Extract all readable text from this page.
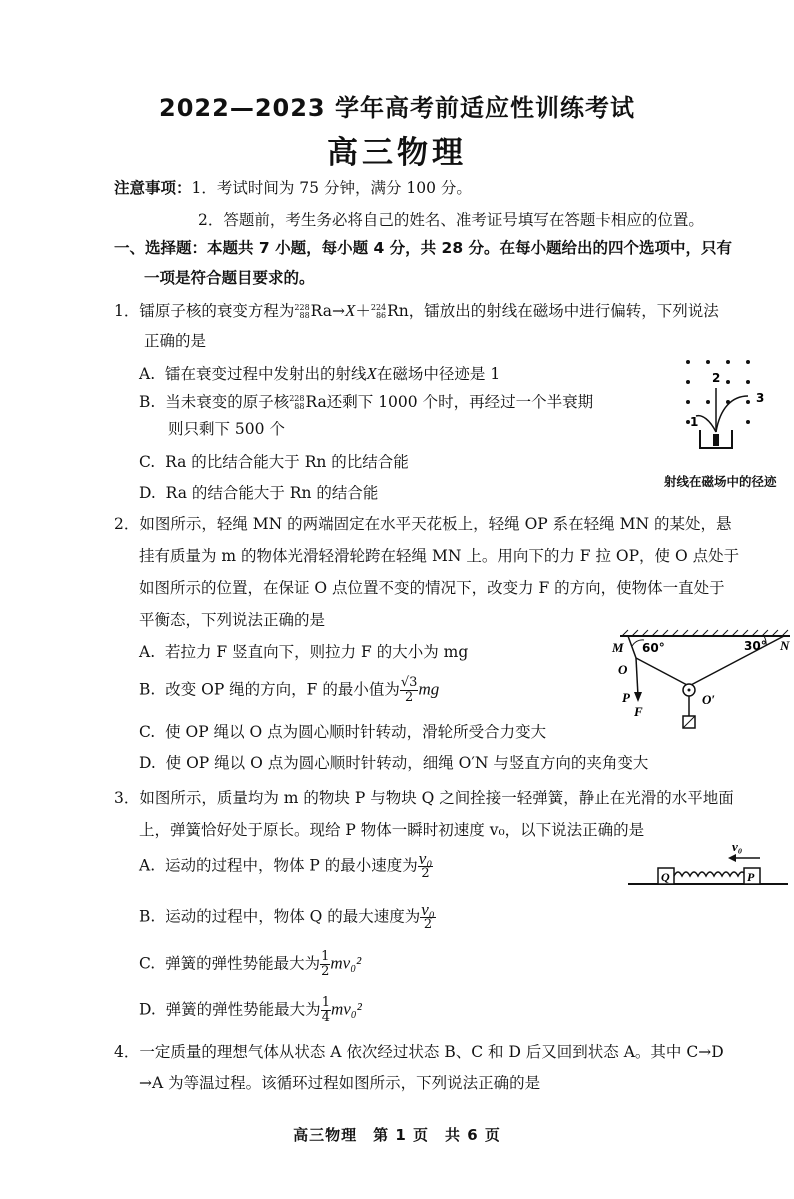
2022—2023 学年高考前适应性训练考试
高三物理
注意事项：1．考试时间为 75 分钟，满分 100 分。
2．答题前，考生务必将自己的姓名、准考证号填写在答题卡相应的位置。
一、选择题：本题共 7 小题，每小题 4 分，共 28 分。在每小题给出的四个选项中，只有
一项是符合题目要求的。
1．镭原子核的衰变方程为 228
88 Ra→X＋ 224
86 Rn，镭放出的射线在磁场中进行偏转，下列说法
正确的是
A. 镭在衰变过程中发射出的射线X在磁场中径迹是 1
B. 当未衰变的原子核 228
88 Ra还剩下 1000 个时，再经过一个半衰期
则只剩下 500 个
C. Ra 的比结合能大于 Rn 的比结合能
D. Ra 的结合能大于 Rn 的结合能
1
2
3
射线在磁场中的径迹
2．如图所示，轻绳 MN 的两端固定在水平天花板上，轻绳 OP 系在轻绳 MN 的某处，悬
挂有质量为 m 的物体光滑轻滑轮跨在轻绳 MN 上。用向下的力 F 拉 OP，使 O 点处于
如图所示的位置，在保证 O 点位置不变的情况下，改变力 F 的方向，使物体一直处于
平衡态，下列说法正确的是
A. 若拉力 F 竖直向下，则拉力 F 的大小为 mg
B. 改变 OP 绳的方向，F 的最小值为 $\frac{√3}{2}$ mg
C. 使 OP 绳以 O 点为圆心顺时针转动，滑轮所受合力变大
D. 使 OP 绳以 O 点为圆心顺时针转动，细绳 O′N 与竖直方向的夹角变大
M 60°	30° N
O
O′
P
F
3．如图所示，质量均为 m 的物块 P 与物块 Q 之间拴接一轻弹簧，静止在光滑的水平地面
上，弹簧恰好处于原长。现给 P 物体一瞬时初速度 v₀，以下说法正确的是
A. 运动的过程中，物体 P 的最小速度为 $\frac{\text{v₀}}{2}$
B. 运动的过程中，物体 Q 的最大速度为 $\frac{\text{v₀}}{2}$
C. 弹簧的弹性势能最大为 $\frac{1}{2} mv_0^2$
D. 弹簧的弹性势能最大为 $\frac{1}{4} mv_0^2$
Q	P
v₀
4．一定质量的理想气体从状态 A 依次经过状态 B、C 和 D 后又回到状态 A。其中 C→D
→A 为等温过程。该循环过程如图所示，下列说法正确的是
高三物理　第 1 页　共 6 页
